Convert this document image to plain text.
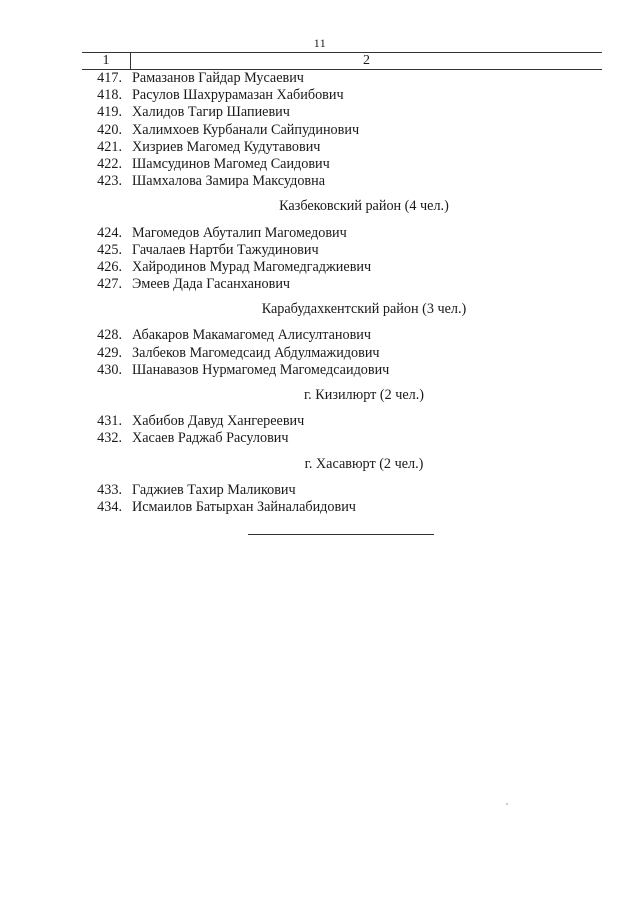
11
1	2
417. Рамазанов Гайдар Мусаевич
418. Расулов Шахрурамазан Хабибович
419. Халидов Тагир Шапиевич
420. Халимхоев Курбанали Сайпудинович
421. Хизриев Магомед Кудутавович
422. Шамсудинов Магомед Саидович
423. Шамхалова Замира Максудовна
Казбековский район (4 чел.)
424. Магомедов Абуталип Магомедович
425. Гачалаев Нартби Тажудинович
426. Хайродинов Мурад Магомедгаджиевич
427. Эмеев Дада Гасанханович
Карабудахкентский район (3 чел.)
428. Абакаров Макамагомед Алисултанович
429. Залбеков Магомедсаид Абдулмажидович
430. Шанавазов Нурмагомед Магомедсаидович
г. Кизилюрт (2 чел.)
431. Хабибов Давуд Хангереевич
432. Хасаев Раджаб Расулович
г. Хасавюрт (2 чел.)
433. Гаджиев Тахир Маликович
434. Исмаилов Батырхан Зайналабидович
